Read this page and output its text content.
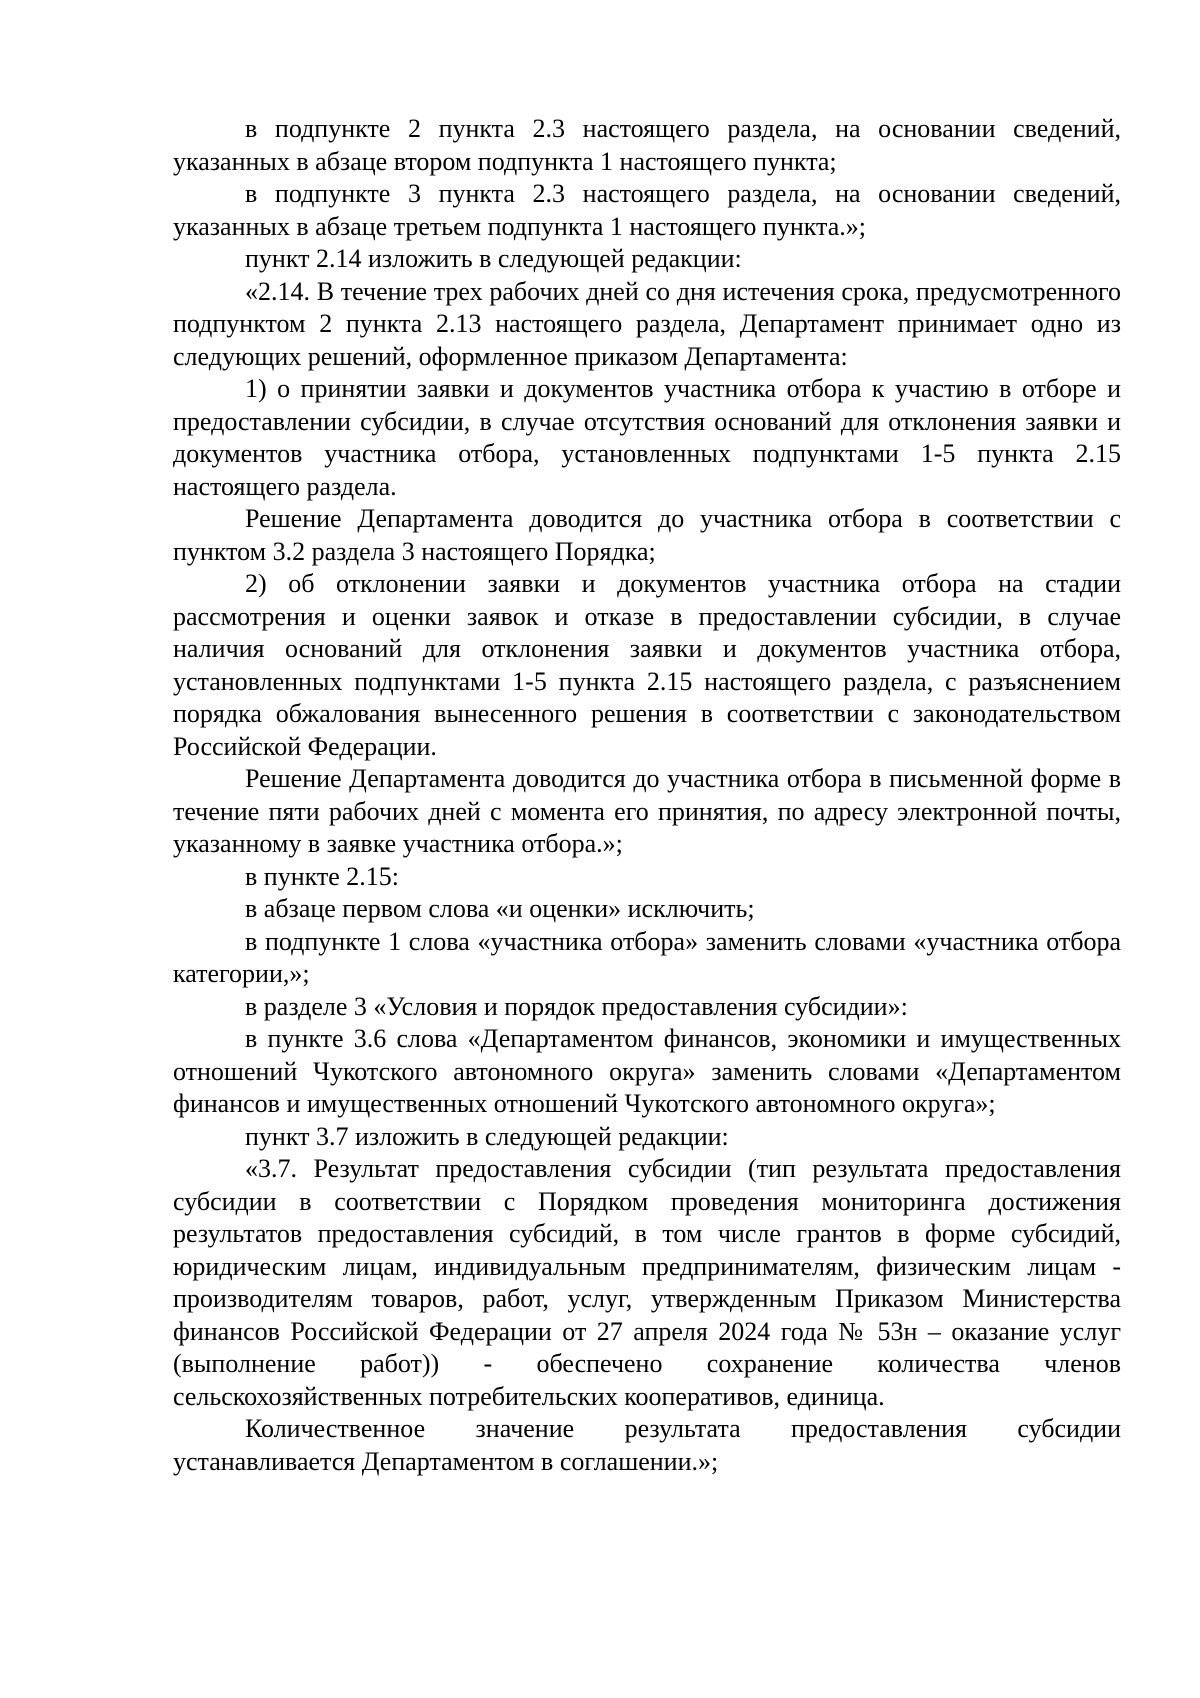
в подпункте 2 пункта 2.3 настоящего раздела, на основании сведений, указанных в абзаце втором подпункта 1 настоящего пункта;

в подпункте 3 пункта 2.3 настоящего раздела, на основании сведений, указанных в абзаце третьем подпункта 1 настоящего пункта.»;

пункт 2.14 изложить в следующей редакции:

«2.14. В течение трех рабочих дней со дня истечения срока, предусмотренного подпунктом 2 пункта 2.13 настоящего раздела, Департамент принимает одно из следующих решений, оформленное приказом Департамента:

1) о принятии заявки и документов участника отбора к участию в отборе и предоставлении субсидии, в случае отсутствия оснований для отклонения заявки и документов участника отбора, установленных подпунктами 1-5 пункта 2.15 настоящего раздела.

Решение Департамента доводится до участника отбора в соответствии с пунктом 3.2 раздела 3 настоящего Порядка;

2) об отклонении заявки и документов участника отбора на стадии рассмотрения и оценки заявок и отказе в предоставлении субсидии, в случае наличия оснований для отклонения заявки и документов участника отбора, установленных подпунктами 1-5 пункта 2.15 настоящего раздела, с разъяснением порядка обжалования вынесенного решения в соответствии с законодательством Российской Федерации.

Решение Департамента доводится до участника отбора в письменной форме в течение пяти рабочих дней с момента его принятия, по адресу электронной почты, указанному в заявке участника отбора.»;

в пункте 2.15:

в абзаце первом слова «и оценки» исключить;

в подпункте 1 слова «участника отбора» заменить словами «участника отбора категории,»;

в разделе 3 «Условия и порядок предоставления субсидии»:

в пункте 3.6 слова «Департаментом финансов, экономики и имущественных отношений Чукотского автономного округа» заменить словами «Департаментом финансов и имущественных отношений Чукотского автономного округа»;

пункт 3.7 изложить в следующей редакции:

«3.7. Результат предоставления субсидии (тип результата предоставления субсидии в соответствии с Порядком проведения мониторинга достижения результатов предоставления субсидий, в том числе грантов в форме субсидий, юридическим лицам, индивидуальным предпринимателям, физическим лицам - производителям товаров, работ, услуг, утвержденным Приказом Министерства финансов Российской Федерации от 27 апреля 2024 года № 53н – оказание услуг (выполнение работ)) - обеспечено сохранение количества членов сельскохозяйственных потребительских кооперативов, единица.

Количественное значение результата предоставления субсидии устанавливается Департаментом в соглашении.»;
